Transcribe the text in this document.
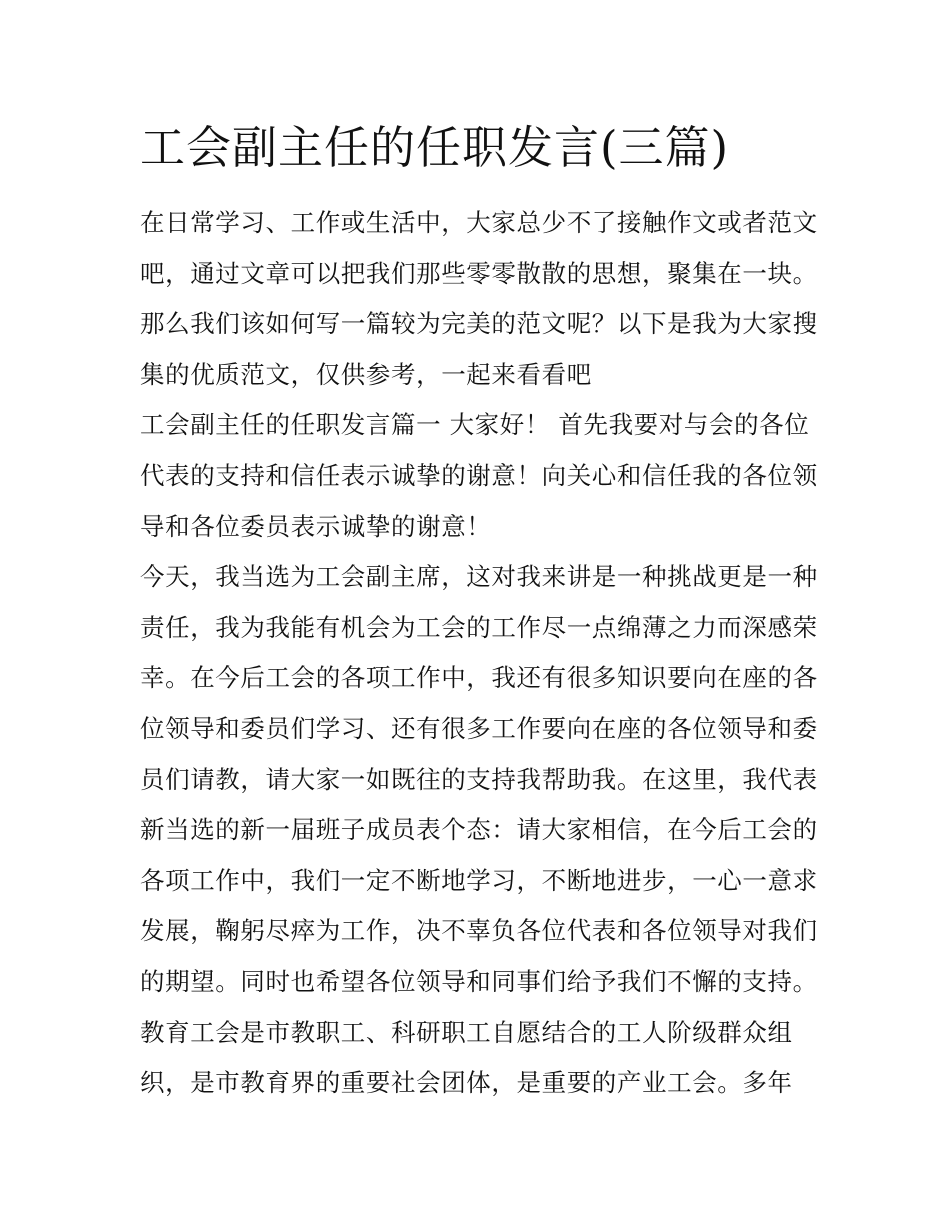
工会副主任的任职发言(三篇)

在日常学习、工作或生活中，大家总少不了接触作文或者范文
吧，通过文章可以把我们那些零零散散的思想，聚集在一块。
那么我们该如何写一篇较为完美的范文呢？以下是我为大家搜
集的优质范文，仅供参考，一起来看看吧

工会副主任的任职发言篇一 大家好！ 首先我要对与会的各位
代表的支持和信任表示诚挚的谢意！向关心和信任我的各位领
导和各位委员表示诚挚的谢意！

今天，我当选为工会副主席，这对我来讲是一种挑战更是一种
责任，我为我能有机会为工会的工作尽一点绵薄之力而深感荣
幸。在今后工会的各项工作中，我还有很多知识要向在座的各
位领导和委员们学习、还有很多工作要向在座的各位领导和委
员们请教，请大家一如既往的支持我帮助我。在这里，我代表
新当选的新一届班子成员表个态：请大家相信，在今后工会的
各项工作中，我们一定不断地学习，不断地进步，一心一意求
发展，鞠躬尽瘁为工作，决不辜负各位代表和各位领导对我们
的期望。同时也希望各位领导和同事们给予我们不懈的支持。

教育工会是市教职工、科研职工自愿结合的工人阶级群众组
织，是市教育界的重要社会团体，是重要的产业工会。多年
